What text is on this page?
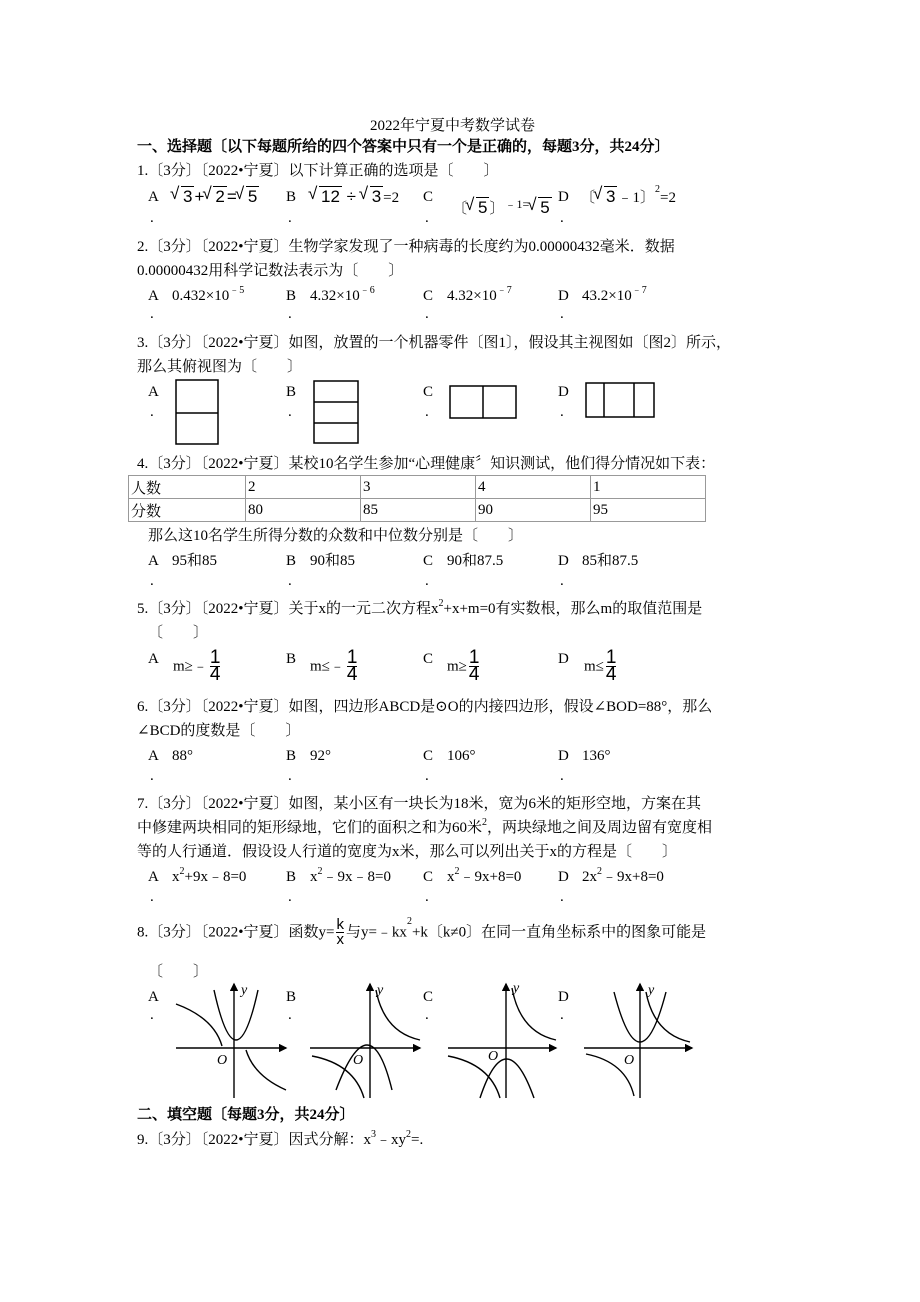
2022年宁夏中考数学试卷
一、选择题〔以下每题所给的四个答案中只有一个是正确的，每题3分，共24分〕
1.〔3分〕〔2022•宁夏〕以下计算正确的选项是〔　　〕
A	√ 3 + √ 2 = √ 5 B	√ 12 ÷ √ 3 =2 C
〔 √ 5 〕$^{﹣1=}$ √ 5
D 〔 √ 3 ﹣1〕$^2$=2
.	.	.	.
2.〔3分〕〔2022•宁夏〕生物学家发现了一种病毒的长度约为0.00000432毫米．数据
0.00000432用科学记数法表示为〔　　〕
A $0.432\times 10^{﹣5}$	B $4.32\times 10^{﹣6}$	C $4.32\times 10^{﹣7}$	D $43.2\times 10^{﹣7}$
.	.	.	.
3.〔3分〕〔2022•宁夏〕如图，放置的一个机器零件〔图1〕，假设其主视图如〔图2〕所示，
那么其俯视图为〔　　〕
A	B	C	D
.	.	.	.
4.〔3分〕〔2022•宁夏〕某校10名学生参加“心理健康〞知识测试，他们得分情况如下表：
人数	2	3	4	1
分数	80	85	90	95
那么这10名学生所得分数的众数和中位数分别是〔　　〕
A 95和85	B 90和85	C 90和87.5	D 85和87.5
.	.	.	.
5.〔3分〕〔2022•宁夏〕关于x的一元二次方程$x^2+x+m=0$有实数根，那么m的取值范围是
〔　　〕
A	B	C	D
m≥﹣ $\frac{1}{4}$	m≤﹣ $\frac{1}{4}$	$m\ge \frac{1}{4}$	$m\le \frac{1}{4}$
6.〔3分〕〔2022•宁夏〕如图，四边形ABCD是⊙O的内接四边形，假设∠BOD=88°，那么
∠BCD的度数是〔　　〕
A 88°	B 92°	C 106°	D 136°
.	.	.	.
7.〔3分〕〔2022•宁夏〕如图，某小区有一块长为18米，宽为6米的矩形空地，方案在其
中修建两块相同的矩形绿地，它们的面积之和为60米$^2$，两块绿地之间及周边留有宽度相
等的人行通道．假设设人行道的宽度为x米，那么可以列出关于x的方程是〔　　〕
A $x^2+9x﹣8=0$	B $x^2﹣9x﹣8=0$ C $x^2﹣9x+8=0$ D $2x^2﹣9x+8=0$
.	.	.	.
8.〔3分〕〔2022•宁夏〕函数$y= \frac{k}{x}$ 与$y=﹣kx^2+k$〔k≠0〕在同一直角坐标系中的图象可能是
〔　　〕
A	B	C	D
.	.	.	.
y
O
y
O
y
O
y
O
二、填空题〔每题3分，共24分〕
9.〔3分〕〔2022•宁夏〕因式分解：$x^3﹣xy^2=$.
